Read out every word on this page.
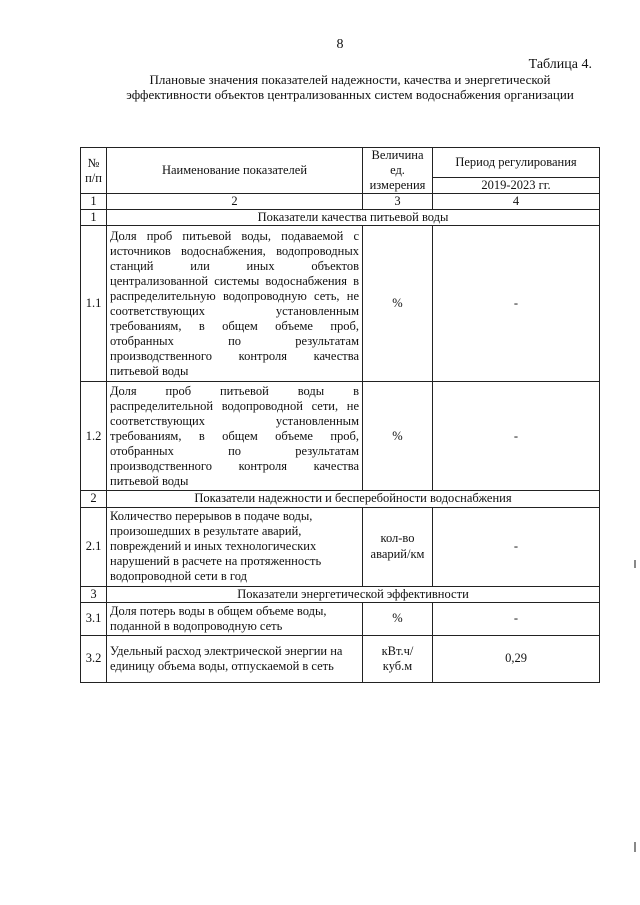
8
Таблица 4.
Плановые значения показателей надежности, качества и энергетической
эффективности объектов централизованных систем водоснабжения организации
№ п/п	Наименование показателей	Величина ед. измерения	Период регулирования
			2019-2023 гг.
1	2	3	4
1	Показатели качества питьевой воды		
1.1	Доля проб питьевой воды, подаваемой с источников водоснабжения, водопроводных станций или иных объектов централизованной системы водоснабжения в распределительную водопроводную сеть, не соответствующих установленным требованиям, в общем объеме проб, отобранных по результатам производственного контроля качества питьевой воды	%	-
1.2	Доля проб питьевой воды в распределительной водопроводной сети, не соответствующих установленным требованиям, в общем объеме проб, отобранных по результатам производственного контроля качества питьевой воды	%	-
2	Показатели надежности и бесперебойности водоснабжения		
2.1	Количество перерывов в подаче воды, произошедших в результате аварий, повреждений и иных технологических нарушений в расчете на протяженность водопроводной сети в год	кол-во аварий/км	-
3	Показатели энергетической эффективности		
3.1	Доля потерь воды в общем объеме воды, поданной в водопроводную сеть	%	-
3.2	Удельный расход электрической энергии на единицу объема воды, отпускаемой в сеть	кВт.ч/ куб.м	0,29
